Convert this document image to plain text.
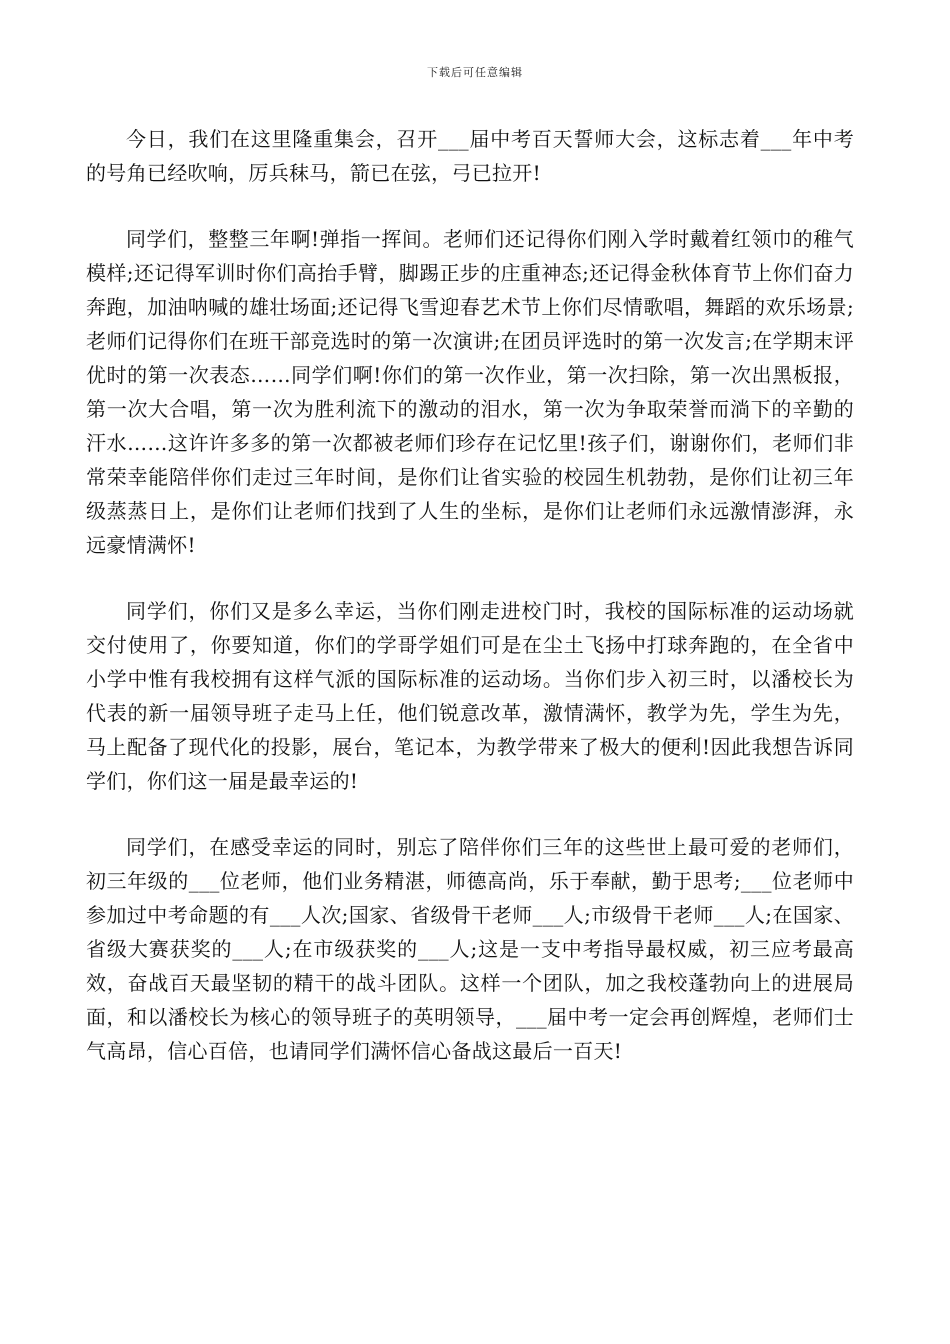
下载后可任意编辑

今日，我们在这里隆重集会，召开___届中考百天誓师大会，这标志着___年中考的号角已经吹响，厉兵秣马，箭已在弦，弓已拉开!

同学们，整整三年啊!弹指一挥间。老师们还记得你们刚入学时戴着红领巾的稚气模样;还记得军训时你们高抬手臂，脚踢正步的庄重神态;还记得金秋体育节上你们奋力奔跑，加油呐喊的雄壮场面;还记得飞雪迎春艺术节上你们尽情歌唱，舞蹈的欢乐场景;老师们记得你们在班干部竞选时的第一次演讲;在团员评选时的第一次发言;在学期末评优时的第一次表态……同学们啊!你们的第一次作业，第一次扫除，第一次出黑板报，第一次大合唱，第一次为胜利流下的激动的泪水，第一次为争取荣誉而淌下的辛勤的汗水……这许许多多的第一次都被老师们珍存在记忆里!孩子们，谢谢你们，老师们非常荣幸能陪伴你们走过三年时间，是你们让省实验的校园生机勃勃，是你们让初三年级蒸蒸日上，是你们让老师们找到了人生的坐标，是你们让老师们永远激情澎湃，永远豪情满怀!

同学们，你们又是多么幸运，当你们刚走进校门时，我校的国际标准的运动场就交付使用了，你要知道，你们的学哥学姐们可是在尘土飞扬中打球奔跑的，在全省中小学中惟有我校拥有这样气派的国际标准的运动场。当你们步入初三时，以潘校长为代表的新一届领导班子走马上任，他们锐意改革，激情满怀，教学为先，学生为先，马上配备了现代化的投影，展台，笔记本，为教学带来了极大的便利!因此我想告诉同学们，你们这一届是最幸运的!

同学们，在感受幸运的同时，别忘了陪伴你们三年的这些世上最可爱的老师们，初三年级的___位老师，他们业务精湛，师德高尚，乐于奉献，勤于思考;___位老师中参加过中考命题的有___人次;国家、省级骨干老师___人;市级骨干老师___人;在国家、省级大赛获奖的___人;在市级获奖的___人;这是一支中考指导最权威，初三应考最高效，奋战百天最坚韧的精干的战斗团队。这样一个团队，加之我校蓬勃向上的进展局面，和以潘校长为核心的领导班子的英明领导，___届中考一定会再创辉煌，老师们士气高昂，信心百倍，也请同学们满怀信心备战这最后一百天!
